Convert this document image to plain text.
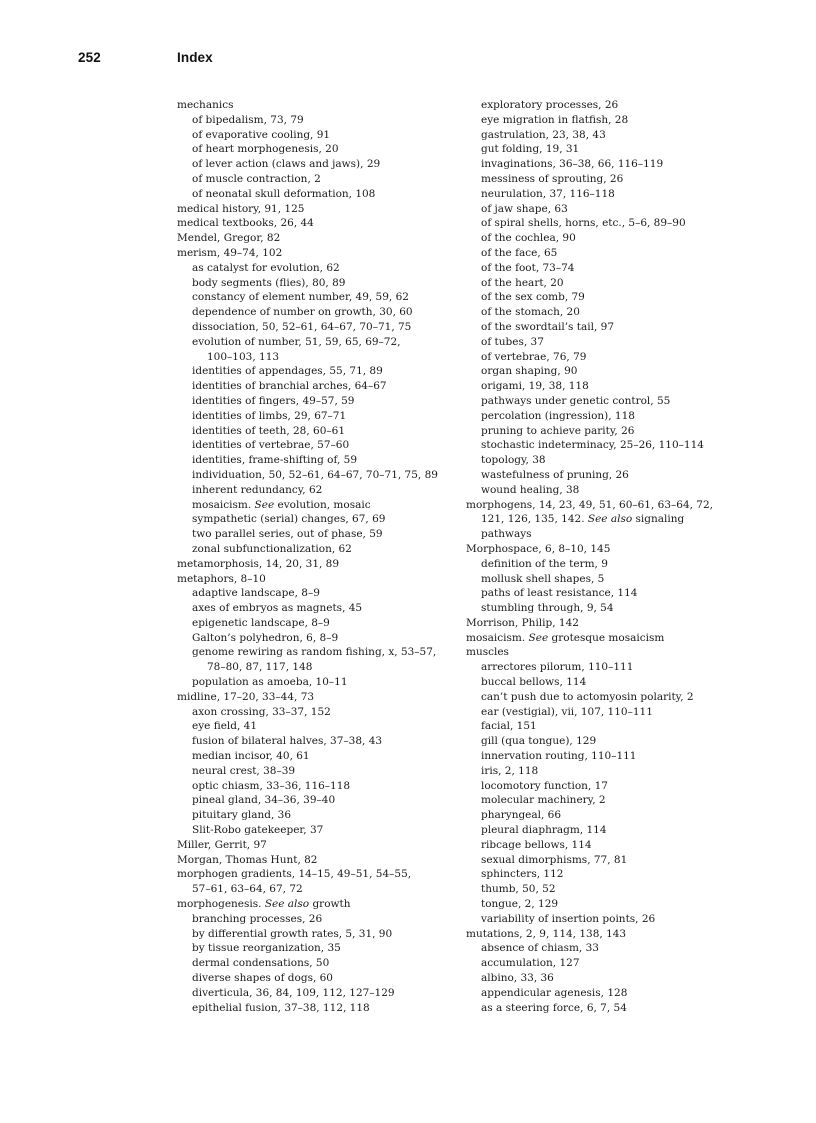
252	Index
mechanics
of bipedalism, 73, 79
of evaporative cooling, 91
of heart morphogenesis, 20
of lever action (claws and jaws), 29
of muscle contraction, 2
of neonatal skull deformation, 108
medical history, 91, 125
medical textbooks, 26, 44
Mendel, Gregor, 82
merism, 49–74, 102
as catalyst for evolution, 62
body segments (flies), 80, 89
constancy of element number, 49, 59, 62
dependence of number on growth, 30, 60
dissociation, 50, 52–61, 64–67, 70–71, 75
evolution of number, 51, 59, 65, 69–72,
100–103, 113
identities of appendages, 55, 71, 89
identities of branchial arches, 64–67
identities of fingers, 49–57, 59
identities of limbs, 29, 67–71
identities of teeth, 28, 60–61
identities of vertebrae, 57–60
identities, frame-shifting of, 59
individuation, 50, 52–61, 64–67, 70–71, 75, 89
inherent redundancy, 62
mosaicism. See evolution, mosaic
sympathetic (serial) changes, 67, 69
two parallel series, out of phase, 59
zonal subfunctionalization, 62
metamorphosis, 14, 20, 31, 89
metaphors, 8–10
adaptive landscape, 8–9
axes of embryos as magnets, 45
epigenetic landscape, 8–9
Galton’s polyhedron, 6, 8–9
genome rewiring as random fishing, x, 53–57,
78–80, 87, 117, 148
population as amoeba, 10–11
midline, 17–20, 33–44, 73
axon crossing, 33–37, 152
eye field, 41
fusion of bilateral halves, 37–38, 43
median incisor, 40, 61
neural crest, 38–39
optic chiasm, 33–36, 116–118
pineal gland, 34–36, 39–40
pituitary gland, 36
Slit-Robo gatekeeper, 37
Miller, Gerrit, 97
Morgan, Thomas Hunt, 82
morphogen gradients, 14–15, 49–51, 54–55,
57–61, 63–64, 67, 72
morphogenesis. See also growth
branching processes, 26
by differential growth rates, 5, 31, 90
by tissue reorganization, 35
dermal condensations, 50
diverse shapes of dogs, 60
diverticula, 36, 84, 109, 112, 127–129
epithelial fusion, 37–38, 112, 118
exploratory processes, 26
eye migration in flatfish, 28
gastrulation, 23, 38, 43
gut folding, 19, 31
invaginations, 36–38, 66, 116–119
messiness of sprouting, 26
neurulation, 37, 116–118
of jaw shape, 63
of spiral shells, horns, etc., 5–6, 89–90
of the cochlea, 90
of the face, 65
of the foot, 73–74
of the heart, 20
of the sex comb, 79
of the stomach, 20
of the swordtail’s tail, 97
of tubes, 37
of vertebrae, 76, 79
organ shaping, 90
origami, 19, 38, 118
pathways under genetic control, 55
percolation (ingression), 118
pruning to achieve parity, 26
stochastic indeterminacy, 25–26, 110–114
topology, 38
wastefulness of pruning, 26
wound healing, 38
morphogens, 14, 23, 49, 51, 60–61, 63–64, 72,
121, 126, 135, 142. See also signaling
pathways
Morphospace, 6, 8–10, 145
definition of the term, 9
mollusk shell shapes, 5
paths of least resistance, 114
stumbling through, 9, 54
Morrison, Philip, 142
mosaicism. See grotesque mosaicism
muscles
arrectores pilorum, 110–111
buccal bellows, 114
can’t push due to actomyosin polarity, 2
ear (vestigial), vii, 107, 110–111
facial, 151
gill (qua tongue), 129
innervation routing, 110–111
iris, 2, 118
locomotory function, 17
molecular machinery, 2
pharyngeal, 66
pleural diaphragm, 114
ribcage bellows, 114
sexual dimorphisms, 77, 81
sphincters, 112
thumb, 50, 52
tongue, 2, 129
variability of insertion points, 26
mutations, 2, 9, 114, 138, 143
absence of chiasm, 33
accumulation, 127
albino, 33, 36
appendicular agenesis, 128
as a steering force, 6, 7, 54
